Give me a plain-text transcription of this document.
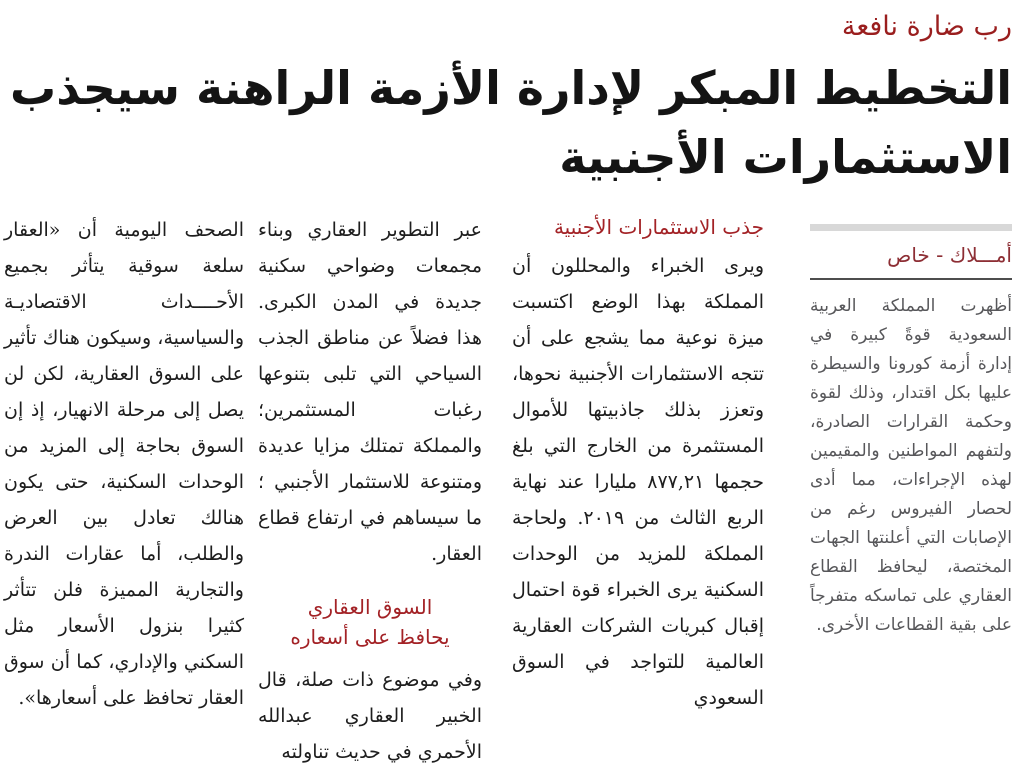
رب ضارة نافعة
التخطيط المبكر لإدارة الأزمة الراهنة سيجذب
الاستثمارات الأجنبية
أمـــلاك - خاص

أظهرت المملكة العربية السعودية قوةً كبيرة في إدارة أزمة كورونا والسيطرة عليها بكل اقتدار، وذلك لقوة وحكمة القرارات الصادرة، ولتفهم المواطنين والمقيمين لهذه الإجراءات، مما أدى لحصار الفيروس رغم من الإصابات التي أعلنتها الجهات المختصة، ليحافظ القطاع العقاري على تماسكه متفرجاً على بقية القطاعات الأخرى.

جذب الاستثمارات الأجنبية

ويرى الخبراء والمحللون أن المملكة بهذا الوضع اكتسبت ميزة نوعية مما يشجع على أن تتجه الاستثمارات الأجنبية نحوها، وتعزز بذلك جاذبيتها للأموال المستثمرة من الخارج التي بلغ حجمها ٨٧٧,٢١ مليارا عند نهاية الربع الثالث من ٢٠١٩. ولحاجة المملكة للمزيد من الوحدات السكنية يرى الخبراء قوة احتمال إقبال كبريات الشركات العقارية العالمية للتواجد في السوق السعودي

عبر التطوير العقاري وبناء مجمعات وضواحي سكنية جديدة في المدن الكبرى. هذا فضلاً عن مناطق الجذب السياحي التي تلبى بتنوعها رغبات المستثمرين؛ والمملكة تمتلك مزايا عديدة ومتنوعة للاستثمار الأجنبي ؛ ما سيساهم في ارتفاع قطاع العقار.

السوق العقاري
يحافظ على أسعاره

وفي موضوع ذات صلة، قال الخبير العقاري عبدالله الأحمري في حديث تناولته

الصحف اليومية أن «العقار سلعة سوقية يتأثر بجميع الأحــــداث الاقتصاديـة والسياسية، وسيكون هناك تأثير على السوق العقارية، لكن لن يصل إلى مرحلة الانهيار، إذ إن السوق بحاجة إلى المزيد من الوحدات السكنية، حتى يكون هنالك تعادل بين العرض والطلب، أما عقارات الندرة والتجارية المميزة فلن تتأثر كثيرا بنزول الأسعار مثل السكني والإداري، كما أن سوق العقار تحافظ على أسعارها».
